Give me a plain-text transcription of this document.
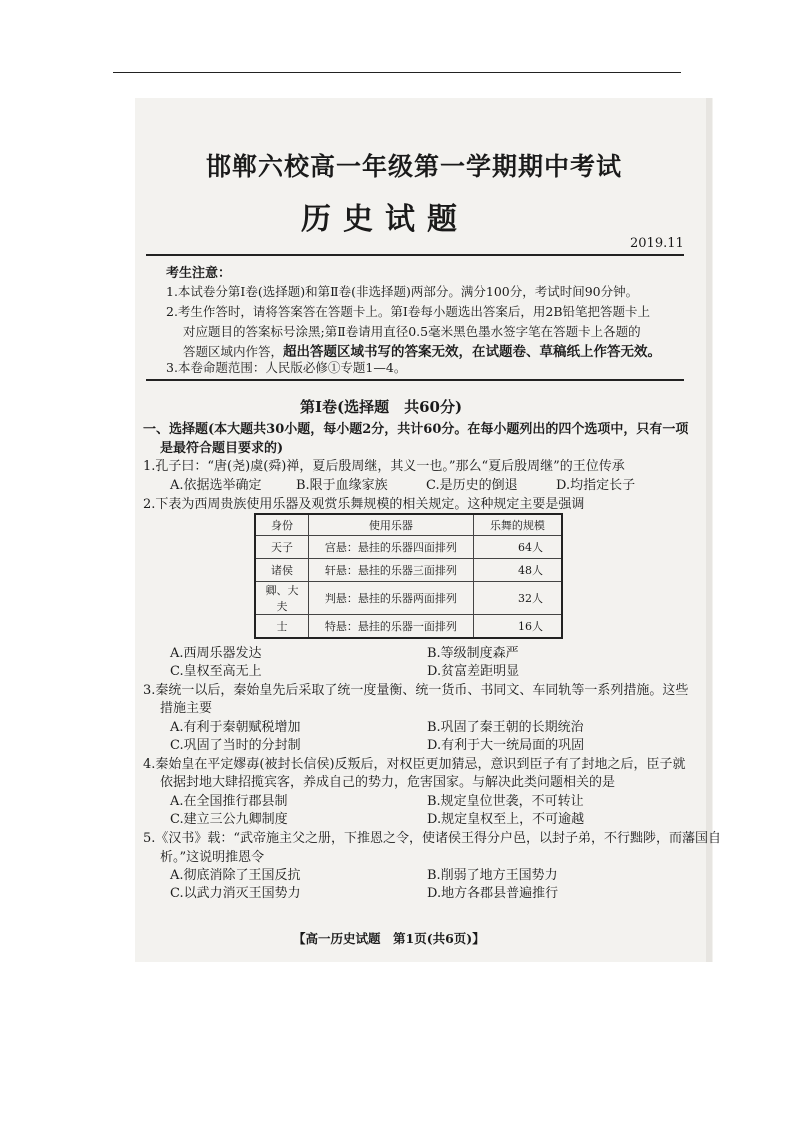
邯郸六校高一年级第一学期期中考试
历史试题
2019.11
考生注意：
1.本试卷分第Ⅰ卷(选择题)和第Ⅱ卷(非选择题)两部分。满分100分，考试时间90分钟。
2.考生作答时，请将答案答在答题卡上。第Ⅰ卷每小题选出答案后，用2B铅笔把答题卡上
对应题目的答案标号涂黑;第Ⅱ卷请用直径0.5毫米黑色墨水签字笔在答题卡上各题的
答题区域内作答，超出答题区域书写的答案无效，在试题卷、草稿纸上作答无效。
3.本卷命题范围：人民版必修①专题1—4。
第Ⅰ卷(选择题　共60分)
一、选择题(本大题共30小题，每小题2分，共计60分。在每小题列出的四个选项中，只有一项
是最符合题目要求的)
1.孔子曰：“唐(尧)虞(舜)禅，夏后殷周继，其义一也。”那么“夏后殷周继”的王位传承
A.依据选举确定	B.限于血缘家族	C.是历史的倒退	D.均指定长子
2.下表为西周贵族使用乐器及观赏乐舞规模的相关规定。这种规定主要是强调
身份	使用乐器	乐舞的规模
天子	宫悬：悬挂的乐器四面排列	64人
诸侯	轩悬：悬挂的乐器三面排列	48人
卿、大夫	判悬：悬挂的乐器两面排列	32人
士	特悬：悬挂的乐器一面排列	16人
A.西周乐器发达	B.等级制度森严
C.皇权至高无上	D.贫富差距明显
3.秦统一以后，秦始皇先后采取了统一度量衡、统一货币、书同文、车同轨等一系列措施。这些
措施主要
A.有利于秦朝赋税增加	B.巩固了秦王朝的长期统治
C.巩固了当时的分封制	D.有利于大一统局面的巩固
4.秦始皇在平定嫪毐(被封长信侯)反叛后，对权臣更加猜忌，意识到臣子有了封地之后，臣子就
依据封地大肆招揽宾客，养成自己的势力，危害国家。与解决此类问题相关的是
A.在全国推行郡县制	B.规定皇位世袭，不可转让
C.建立三公九卿制度	D.规定皇权至上，不可逾越
5.《汉书》载：“武帝施主父之册，下推恩之令，使诸侯王得分户邑，以封子弟，不行黜陟，而藩国自
析。”这说明推恩令
A.彻底消除了王国反抗	B.削弱了地方王国势力
C.以武力消灭王国势力	D.地方各郡县普遍推行
【高一历史试题　第1页(共6页)】
